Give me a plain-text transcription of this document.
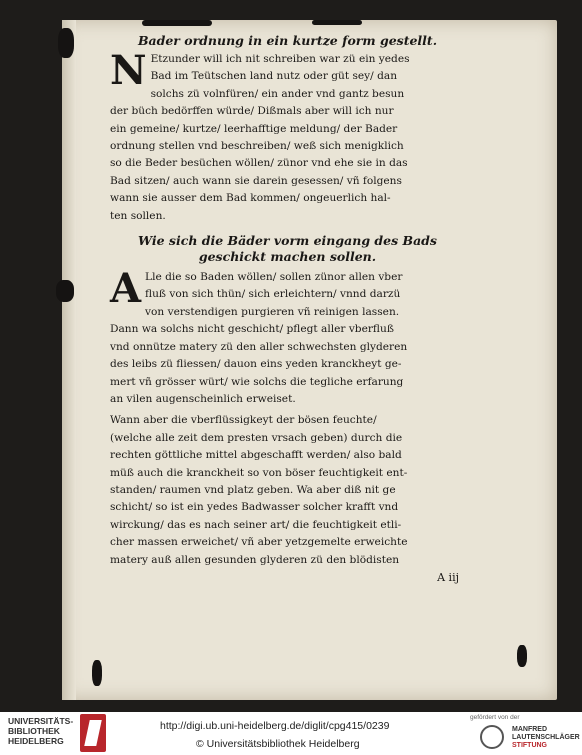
Bader ordnung in ein kurtze form gestellt.

N Etzunder will ich nit schreiben war zü ein yedes
Bad im Teütschen land nutz oder güt sey/ dan
solchs zü volnfüren/ ein ander vnd gantz besun
der büch bedörffen würde/ Dißmals aber will ich nur
ein gemeine/ kurtze/ leerhafftige meldung/ der Bader
ordnung stellen vnd beschreiben/ weß sich menigklich
so die Beder besüchen wöllen/ zünor vnd ehe sie in das
Bad sitzen/ auch wann sie darein gesessen/ vñ folgens
wann sie ausser dem Bad kommen/ ongeuerlich hal-
ten sollen.

Wie sich die Bäder vorm eingang des Bads

geschickt machen sollen.

A Lle die so Baden wöllen/ sollen zünor allen vber
fluß von sich thün/ sich erleichtern/ vnnd darzü
von verstendigen purgieren vñ reinigen lassen.
Dann wa solchs nicht geschicht/ pflegt aller vberfluß
vnd onnütze matery zü den aller schwechsten glyderen
des leibs zü fliessen/ dauon eins yeden kranckheyt ge-
mert vñ grösser würt/ wie solchs die tegliche erfarung
an vilen augenscheinlich erweiset.
Wann aber die vberflüssigkeyt der bösen feuchte/
(welche alle zeit dem presten vrsach geben) durch die
rechten göttliche mittel abgeschafft werden/ also bald
müß auch die kranckheit so von böser feuchtigkeit ent-
standen/ raumen vnd platz geben. Wa aber diß nit ge
schicht/ so ist ein yedes Badwasser solcher krafft vnd
wirckung/ das es nach seiner art/ die feuchtigkeit etli-
cher massen erweichet/ vñ aber yetzgemelte erweichte
matery auß allen gesunden glyderen zü den blödisten

A iij

UNIVERSITÄTS-
BIBLIOTHEK
HEIDELBERG
http://digi.ub.uni-heidelberg.de/diglit/cpg415/0239
© Universitätsbibliothek Heidelberg
gefördert von der
MANFRED
LAUTENSCHLÄGER
STIFTUNG
